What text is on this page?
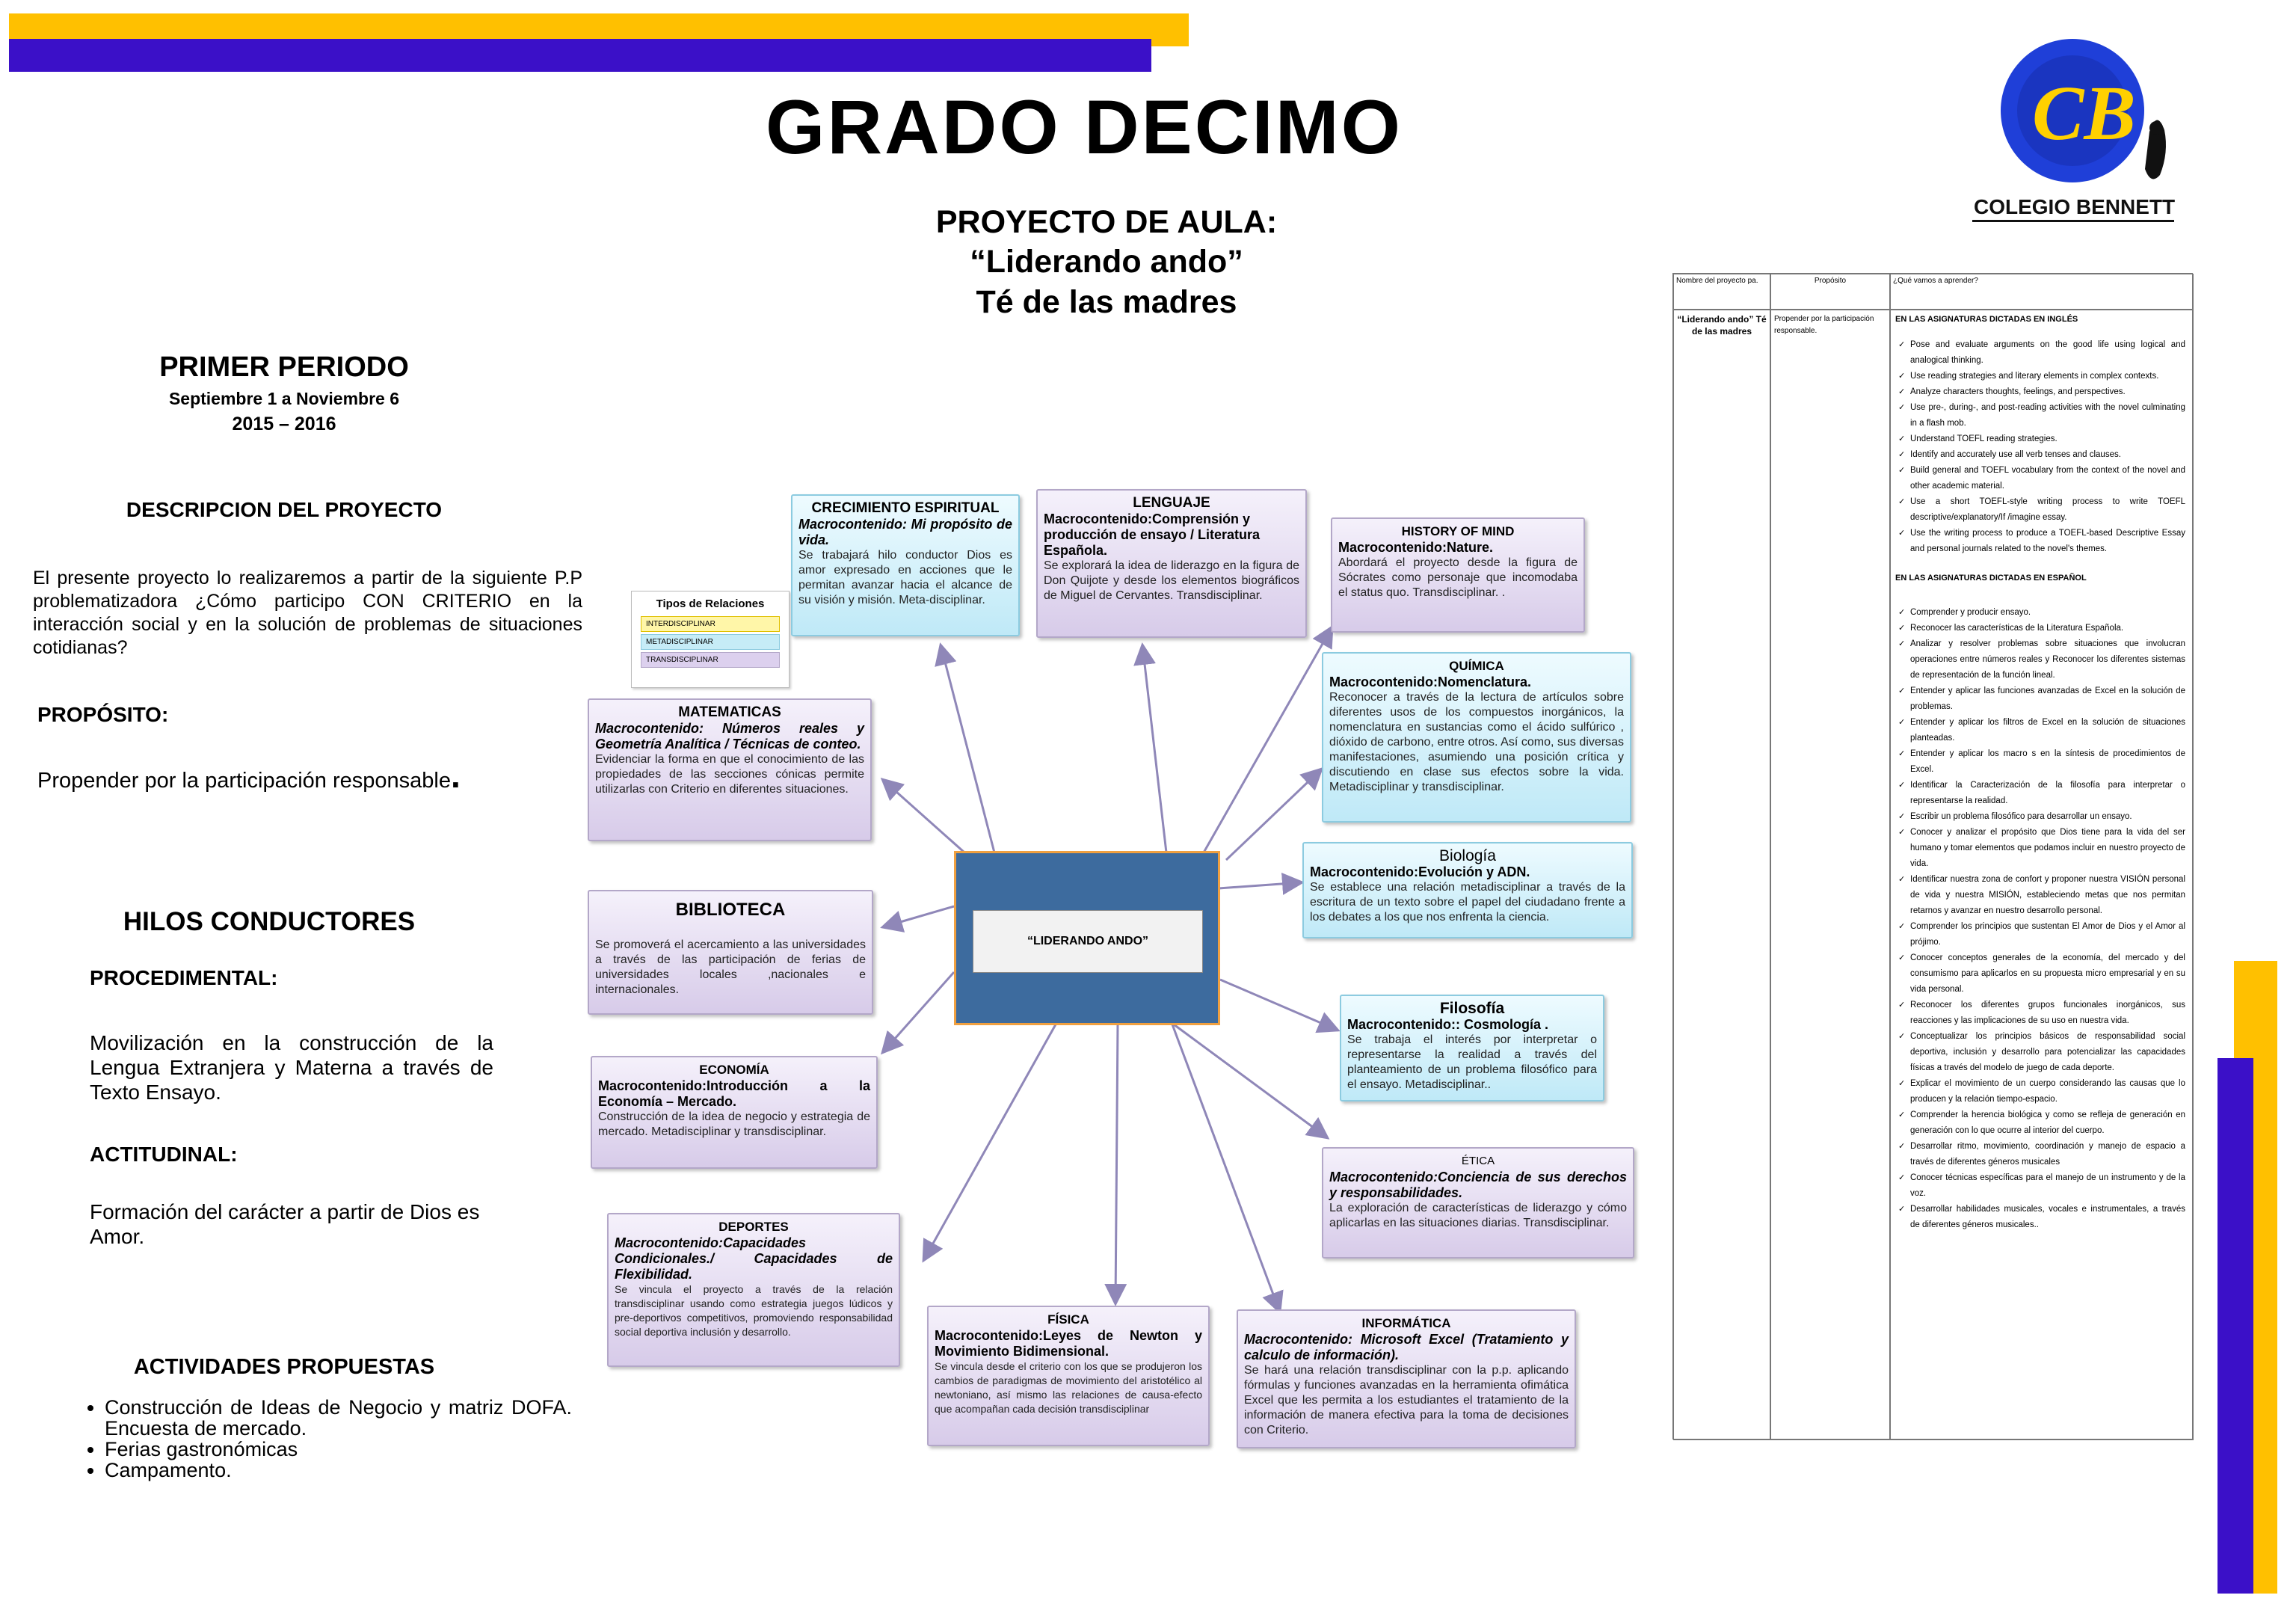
GRADO DECIMO
PROYECTO DE AULA:
“Liderando ando”
Té de las madres
CB
COLEGIO BENNETT
PRIMER PERIODO
Septiembre 1 a Noviembre 6
2015 – 2016
DESCRIPCION DEL PROYECTO
El presente proyecto lo realizaremos a partir de la siguiente P.P problematizadora ¿Cómo participo CON CRITERIO en la interacción social y en la solución de problemas de situaciones cotidianas?
PROPÓSITO:
Propender por la participación responsable.
HILOS CONDUCTORES
PROCEDIMENTAL:
Movilización en la construcción de la Lengua Extranjera y Materna a través de Texto Ensayo.
ACTITUDINAL:
Formación del carácter a partir de Dios es Amor.
ACTIVIDADES PROPUESTAS
• Construcción de Ideas de Negocio y matriz DOFA. Encuesta de mercado.
• Ferias gastronómicas
• Campamento.
Tipos de Relaciones
INTERDISCIPLINAR
METADISCIPLINAR
TRANSDISCIPLINAR
“LIDERANDO ANDO”
CRECIMIENTO ESPIRITUAL
Macrocontenido: Mi propósito de vida.
Se trabajará hilo conductor Dios es amor expresado en acciones que le permitan avanzar hacia el alcance de su visión y misión. Meta-disciplinar.
LENGUAJE
Macrocontenido:Comprensión y producción de ensayo / Literatura Española.
Se explorará la idea de liderazgo en la figura de Don Quijote y desde los elementos biográficos de Miguel de Cervantes. Transdisciplinar.
HISTORY OF MIND
Macrocontenido:Nature.
Abordará el proyecto desde la figura de Sócrates como personaje que incomodaba el status quo. Transdisciplinar. .
QUÍMICA
Macrocontenido:Nomenclatura.
Reconocer a través de la lectura de artículos sobre diferentes usos de los compuestos inorgánicos, la nomenclatura en sustancias como el ácido sulfúrico , dióxido de carbono, entre otros. Así como, sus diversas manifestaciones, asumiendo una posición crítica y discutiendo en clase sus efectos sobre la vida. Metadisciplinar y transdisciplinar.
Biología
Macrocontenido:Evolución y ADN.
Se establece una relación metadisciplinar a través de la escritura de un texto sobre el papel del ciudadano frente a los debates a los que nos enfrenta la ciencia.
Filosofía
Macrocontenido:: Cosmología .
Se trabaja el interés por interpretar o representarse la realidad a través del planteamiento de un problema filosófico para el ensayo. Metadisciplinar..
ÉTICA
Macrocontenido:Conciencia de sus derechos y responsabilidades.
La exploración de características de liderazgo y cómo aplicarlas en las situaciones diarias. Transdisciplinar.
INFORMÁTICA
Macrocontenido: Microsoft Excel (Tratamiento y calculo de información).
Se hará una relación transdisciplinar con la p.p. aplicando fórmulas y funciones avanzadas en la herramienta ofimática Excel que les permita a los estudiantes el tratamiento de la información de manera efectiva para la toma de decisiones con Criterio.
FÍSICA
Macrocontenido:Leyes de Newton y Movimiento Bidimensional.
Se vincula desde el criterio con los que se produjeron los cambios de paradigmas de movimiento del aristotélico al newtoniano, así mismo las relaciones de causa-efecto que acompañan cada decisión transdisciplinar
DEPORTES
Macrocontenido:Capacidades Condicionales./ Capacidades de Flexibilidad.
Se vincula el proyecto a través de la relación transdisciplinar usando como estrategia juegos lúdicos y pre-deportivos competitivos, promoviendo responsabilidad social deportiva inclusión y desarrollo.
ECONOMÍA
Macrocontenido:Introducción a la Economía – Mercado.
Construcción de la idea de negocio y estrategia de mercado. Metadisciplinar y transdisciplinar.
BIBLIOTECA
Se promoverá el acercamiento a las universidades a través de las participación de ferias de universidades locales ,nacionales e internacionales.
MATEMATICAS
Macrocontenido: Números reales y Geometría Analítica / Técnicas de conteo.
Evidenciar la forma en que el conocimiento de las propiedades de las secciones cónicas permite utilizarlas con Criterio en diferentes situaciones.
Nombre del proyecto pa.	Propósito	¿Qué vamos a aprender?
“Liderando ando” Té de las madres
Propender por la participación responsable.
EN LAS ASIGNATURAS DICTADAS EN INGLÉS
✓ Pose and evaluate arguments on the good life using logical and analogical thinking.
✓ Use reading strategies and literary elements in complex contexts.
✓ Analyze characters thoughts, feelings, and perspectives.
✓ Use pre-, during-, and post-reading activities with the novel culminating in a flash mob.
✓ Understand TOEFL reading strategies.
✓ Identify and accurately use all verb tenses and clauses.
✓ Build general and TOEFL vocabulary from the context of the novel and other academic material.
✓ Use a short TOEFL-style writing process to write TOEFL descriptive/explanatory/If /imagine essay.
✓ Use the writing process to produce a TOEFL-based Descriptive Essay and personal journals related to the novel's themes.
EN LAS ASIGNATURAS DICTADAS EN ESPAÑOL
✓ Comprender y producir ensayo.
✓ Reconocer las características de la Literatura Española.
✓ Analizar y resolver problemas sobre situaciones que involucran operaciones entre números reales y Reconocer los diferentes sistemas de representación de la función lineal.
✓ Entender y aplicar las funciones avanzadas de Excel en la solución de problemas.
✓ Entender y aplicar los filtros de Excel en la solución de situaciones planteadas.
✓ Entender y aplicar los macro s en la síntesis de procedimientos de Excel.
✓ Identificar la Caracterización de la filosofía para interpretar o representarse la realidad.
✓ Escribir un problema filosófico para desarrollar un ensayo.
✓ Conocer y analizar el propósito que Dios tiene para la vida del ser humano y tomar elementos que podamos incluir en nuestro proyecto de vida.
✓ Identificar nuestra zona de confort y proponer nuestra VISIÓN personal de vida y nuestra MISIÓN, estableciendo metas que nos permitan retarnos y avanzar en nuestro desarrollo personal.
✓ Comprender los principios que sustentan El Amor de Dios y el Amor al prójimo.
✓ Conocer conceptos generales de la economía, del mercado y del consumismo para aplicarlos en su propuesta micro empresarial y en su vida personal.
✓ Reconocer los diferentes grupos funcionales inorgánicos, sus reacciones y las implicaciones de su uso en nuestra vida.
✓ Conceptualizar los principios básicos de responsabilidad social deportiva, inclusión y desarrollo para potencializar las capacidades físicas a través del modelo de juego de cada deporte.
✓ Explicar el movimiento de un cuerpo considerando las causas que lo producen y la relación tiempo-espacio.
✓ Comprender la herencia biológica y como se refleja de generación en generación con lo que ocurre al interior del cuerpo.
✓ Desarrollar ritmo, movimiento, coordinación y manejo de espacio a través de diferentes géneros musicales
✓ Conocer técnicas específicas para el manejo de un instrumento y de la voz.
✓ Desarrollar habilidades musicales, vocales e instrumentales, a través de diferentes géneros musicales..
